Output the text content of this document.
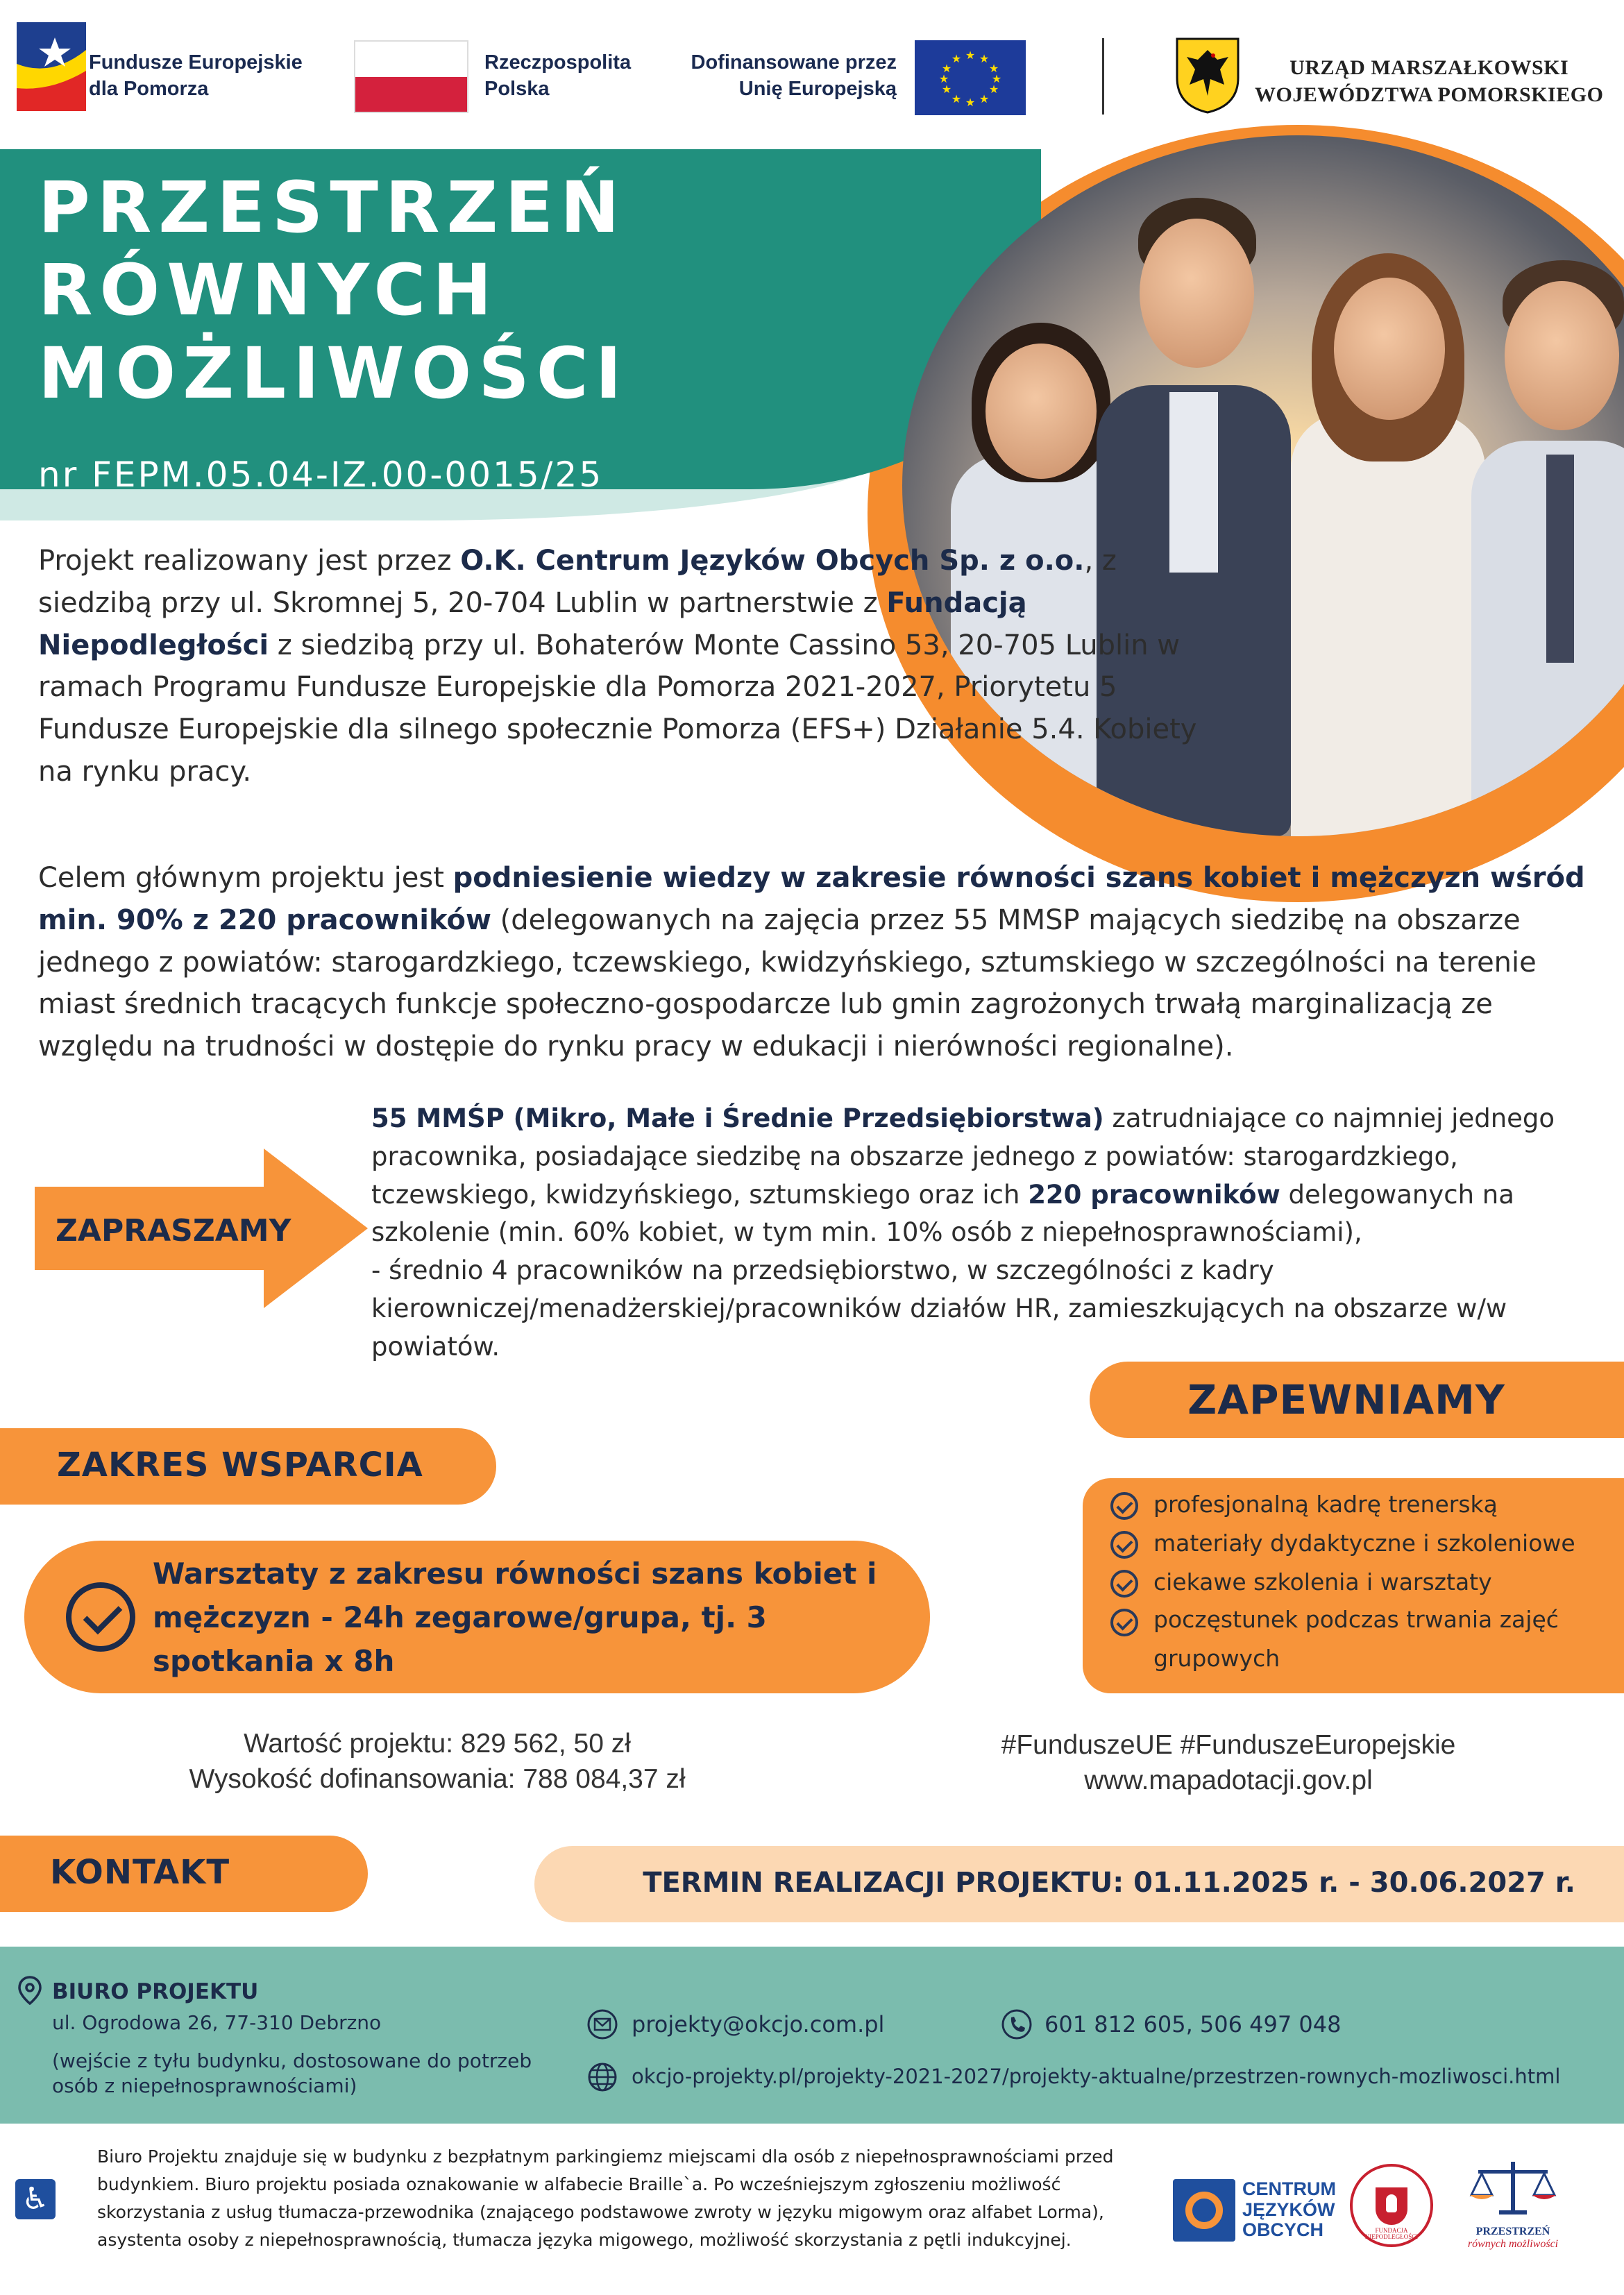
Fundusze Europejskie
dla Pomorza
Rzeczpospolita
Polska
Dofinansowane przez
Unię Europejską
★ ★
★
★
★
★
★
★
★
★
★
★	URZĄD MARSZAŁKOWSKI
WOJEWÓDZTWA POMORSKIEGO
PRZESTRZEŃ
RÓWNYCH
MOŻLIWOŚCI
nr FEPM.05.04-IZ.00-0015/25
Projekt realizowany jest przez O.K. Centrum Języków Obcych Sp. z o.o., z siedzibą przy ul. Skromnej 5, 20-704 Lublin w partnerstwie z Fundacją Niepodległości z siedzibą przy ul. Bohaterów Monte Cassino 53, 20-705 Lublin w ramach Programu Fundusze Europejskie dla Pomorza 2021-2027, Priorytetu 5 Fundusze Europejskie dla silnego społecznie Pomorza (EFS+) Działanie 5.4. Kobiety na rynku pracy.
Celem głównym projektu jest podniesienie wiedzy w zakresie równości szans kobiet i mężczyzn wśród min. 90% z 220 pracowników (delegowanych na zajęcia przez 55 MMSP mających siedzibę na obszarze jednego z powiatów: starogardzkiego, tczewskiego, kwidzyńskiego, sztumskiego w szczególności na terenie miast średnich tracących funkcje społeczno-gospodarcze lub gmin zagrożonych trwałą marginalizacją ze względu na trudności w dostępie do rynku pracy w edukacji i nierówności regionalne).
ZAPRASZAMY
55 MMŚP (Mikro, Małe i Średnie Przedsiębiorstwa) zatrudniające co najmniej jednego pracownika, posiadające siedzibę na obszarze jednego z powiatów: starogardzkiego, tczewskiego, kwidzyńskiego, sztumskiego oraz ich 220 pracowników delegowanych na szkolenie (min. 60% kobiet, w tym min. 10% osób z niepełnosprawnościami),
- średnio 4 pracowników na przedsiębiorstwo, w szczególności z kadry kierowniczej/menadżerskiej/pracowników działów HR, zamieszkujących na obszarze w/w powiatów.
ZAPEWNIAMY
profesjonalną kadrę trenerską
materiały dydaktyczne i szkoleniowe
ciekawe szkolenia i warsztaty
poczęstunek podczas trwania zajęć grupowych
ZAKRES WSPARCIA
Warsztaty z zakresu równości szans kobiet i mężczyzn - 24h zegarowe/grupa, tj. 3 spotkania x 8h
Wartość projektu: 829 562, 50 zł
Wysokość dofinansowania: 788 084,37 zł
#FunduszeUE #FunduszeEuropejskie
www.mapadotacji.gov.pl
KONTAKT	TERMIN REALIZACJI PROJEKTU: 01.11.2025 r. - 30.06.2027 r.
BIURO PROJEKTU
ul. Ogrodowa 26, 77-310 Debrzno
(wejście z tyłu budynku, dostosowane do potrzeb osób z niepełnosprawnościami)
projekty@okcjo.com.pl	601 812 605, 506 497 048
okcjo-projekty.pl/projekty-2021-2027/projekty-aktualne/przestrzen-rownych-mozliwosci.html
♿
Biuro Projektu znajduje się w budynku z bezpłatnym parkingiemz miejscami dla osób z niepełnosprawnościami przed budynkiem. Biuro projektu posiada oznakowanie w alfabecie Braille`a. Po wcześniejszym zgłoszeniu możliwość skorzystania z usług tłumacza-przewodnika (znającego podstawowe zwroty w języku migowym oraz alfabet Lorma), asystenta osoby z niepełnosprawnością, tłumacza języka migowego, możliwość skorzystania z pętli indukcyjnej.
CENTRUM
JĘZYKÓW
OBCYCH	FUNDACJA NIEPODLEGŁOŚCI	PRZESTRZEŃ
równych możliwości
